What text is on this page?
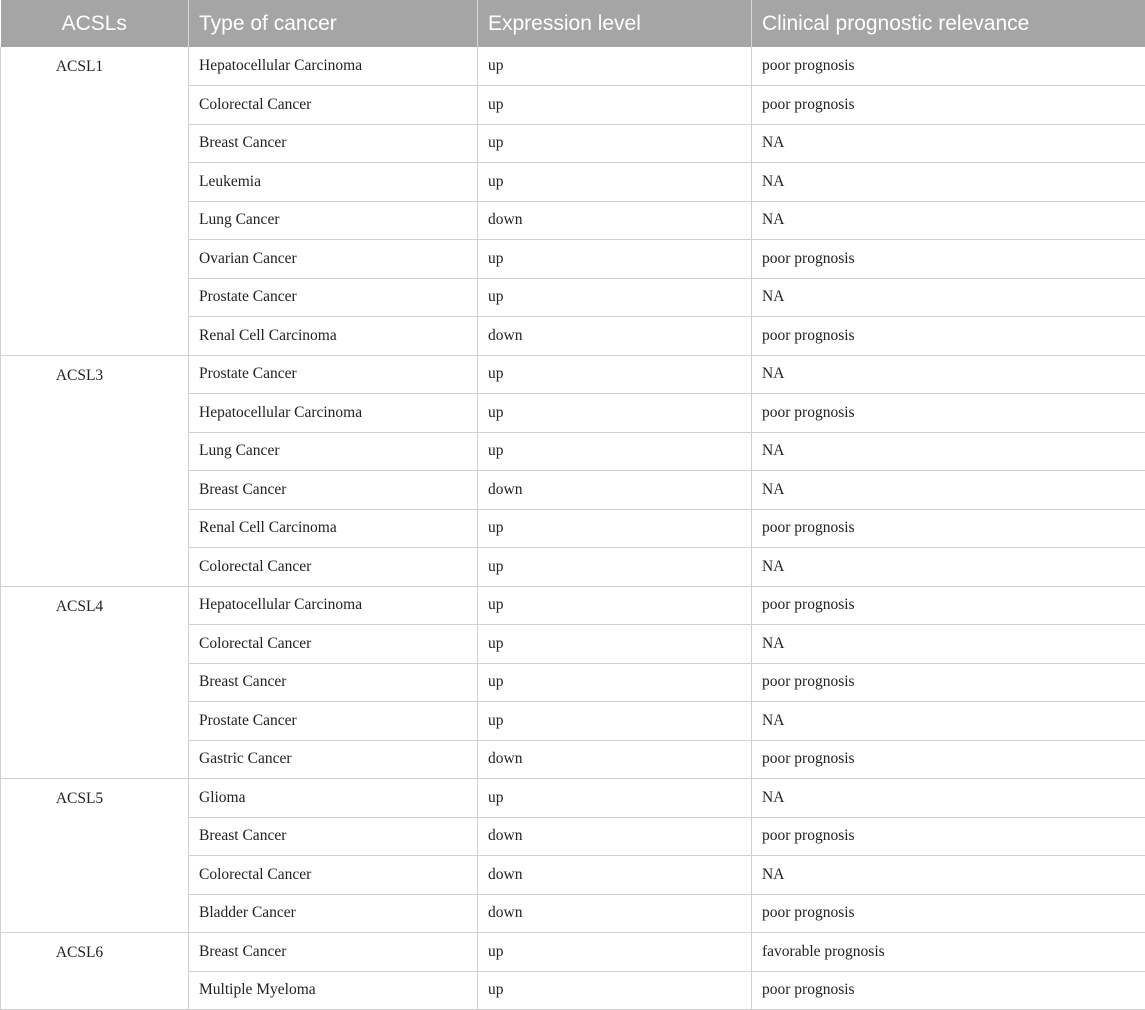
ACSLs	Type of cancer	Expression level	Clinical prognostic relevance
ACSL1	Hepatocellular Carcinoma	up	poor prognosis
	Colorectal Cancer	up	poor prognosis
	Breast Cancer	up	NA
	Leukemia	up	NA
	Lung Cancer	down	NA
	Ovarian Cancer	up	poor prognosis
	Prostate Cancer	up	NA
	Renal Cell Carcinoma	down	poor prognosis
ACSL3	Prostate Cancer	up	NA
	Hepatocellular Carcinoma	up	poor prognosis
	Lung Cancer	up	NA
	Breast Cancer	down	NA
	Renal Cell Carcinoma	up	poor prognosis
	Colorectal Cancer	up	NA
ACSL4	Hepatocellular Carcinoma	up	poor prognosis
	Colorectal Cancer	up	NA
	Breast Cancer	up	poor prognosis
	Prostate Cancer	up	NA
	Gastric Cancer	down	poor prognosis
ACSL5	Glioma	up	NA
	Breast Cancer	down	poor prognosis
	Colorectal Cancer	down	NA
	Bladder Cancer	down	poor prognosis
ACSL6	Breast Cancer	up	favorable prognosis
	Multiple Myeloma	up	poor prognosis
